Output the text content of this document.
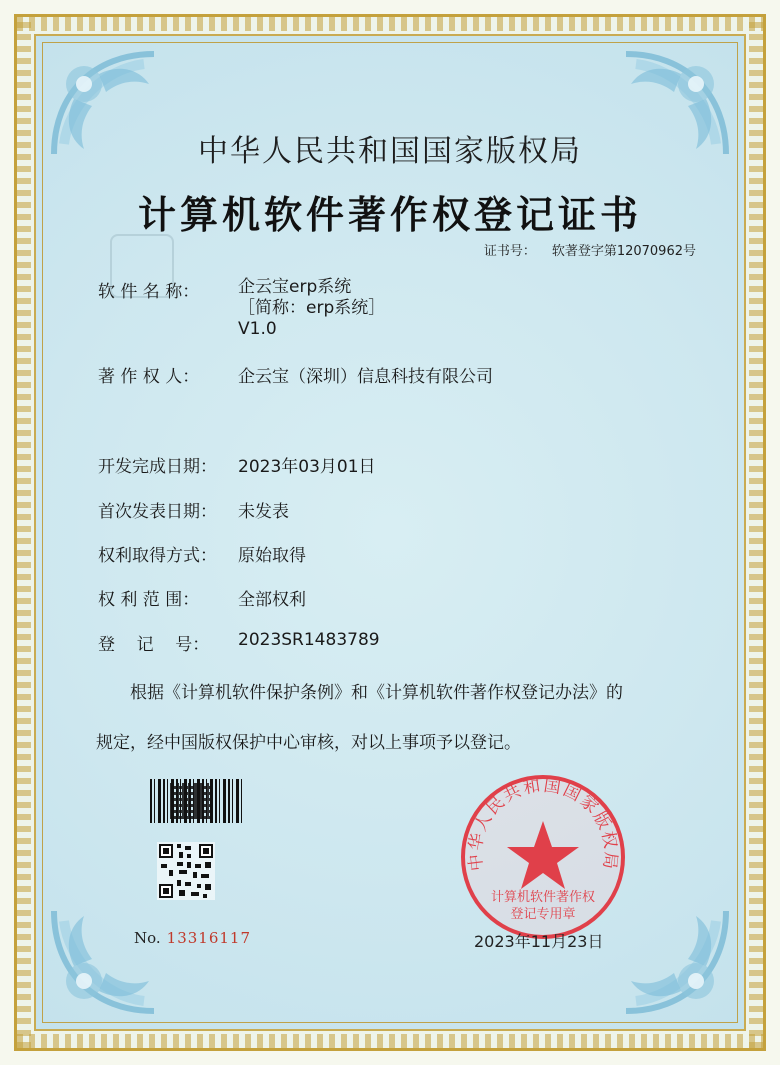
中华人民共和国国家版权局
计算机软件著作权登记证书
证书号： 软著登字第12070962号
软 件 名 称： 企云宝erp系统
［简称：erp系统］
V1.0
著 作 权 人： 企云宝（深圳）信息科技有限公司
开发完成日期： 2023年03月01日
首次发表日期： 未发表
权利取得方式： 原始取得
权 利 范 围： 全部权利
登    记    号： 2023SR1483789
根据《计算机软件保护条例》和《计算机软件著作权登记办法》的
规定，经中国版权保护中心审核，对以上事项予以登记。
No. 13316117
中华人民共和国国家版权局
计算机软件著作权
登记专用章
2023年11月23日
